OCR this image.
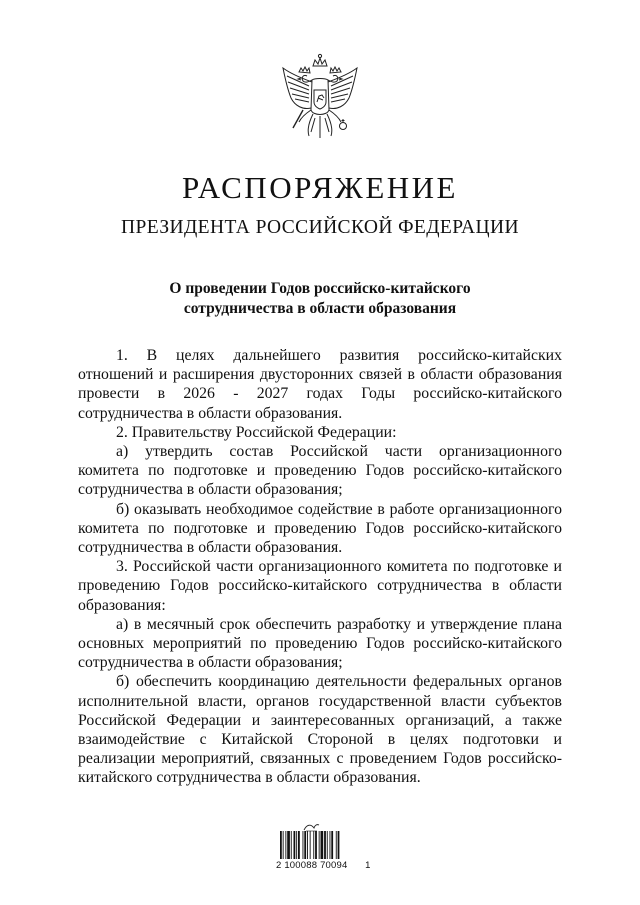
РАСПОРЯЖЕНИЕ
ПРЕЗИДЕНТА РОССИЙСКОЙ ФЕДЕРАЦИИ
О проведении Годов российско-китайского
сотрудничества в области образования

1. В целях дальнейшего развития российско-китайских отношений и расширения двусторонних связей в области образования провести в 2026 - 2027 годах Годы российско-китайского сотрудничества в области образования.

2. Правительству Российской Федерации:

а) утвердить состав Российской части организационного комитета по подготовке и проведению Годов российско-китайского сотрудничества в области образования;

б) оказывать необходимое содействие в работе организационного комитета по подготовке и проведению Годов российско-китайского сотрудничества в области образования.

3. Российской части организационного комитета по подготовке и проведению Годов российско-китайского сотрудничества в области образования:

а) в месячный срок обеспечить разработку и утверждение плана основных мероприятий по проведению Годов российско-китайского сотрудничества в области образования;

б) обеспечить координацию деятельности федеральных органов исполнительной власти, органов государственной власти субъектов Российской Федерации и заинтересованных организаций, а также взаимодействие с Китайской Стороной в целях подготовки и реализации мероприятий, связанных с проведением Годов российско-китайского сотрудничества в области образования.

2 100088 70094 1
